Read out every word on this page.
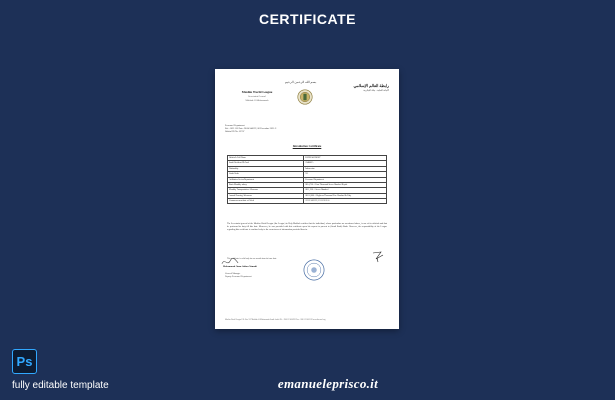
CERTIFICATE
بسم الله الرحمن الرحيم
Muslim World League
Secretariat General
Makkah Al-Mukarramah
رابطة العالم الإسلامي
الأمانة العامة - مكة المكرمة
Personnel Department
Ref.: 1023 155 Date: 20/04/1442 H | 06 December 2021 G
Official ID No. 52707
Introduction Certificate
Official's Full Name	KUSNADI DESY
Saudi Resident ID Card	2348087...
Nationality	Indonesian
Grade/Scale	9/1
Affiliation Sector/Department	Personnel Department
Basic Monthly salary	SR 4,750 /- Four Thousand Seven Hundred Riyals
Monthly Transportation Allowance	SR 1,250 /- Seven Hundred
Annual Housing Allowance	SR 18,000 /- Eighteen Thousand Five Hundred & Fifty
Commencement date of Work	22/12/1432 H | 13/11/2011 G
The Secretariat general of the Muslim World League (the League) in Holy Makkah certifies that the individual, whose particulars are mentioned above, is one of its officials and that he performs his duty till this date. Moreover, he was provided with this certificate upon his request to present to (Saudi Bank) Bank. However, the responsibility of the League regarding this certificate is confined only to the correctness of information provided therein.
This certificate is valid only for one month from its issue date.
Muhammad Omar Sultan Ahmadi
General Manager
Deputy Personnel Department
Muslim World League P.O. Box 537 Makkah Al-Mukarramah Saudi Arabia Tel: +966 12 5600919 Fax: +966 12 5601319 www.themwl.org
Ps
fully editable template	emanueleprisco.it
